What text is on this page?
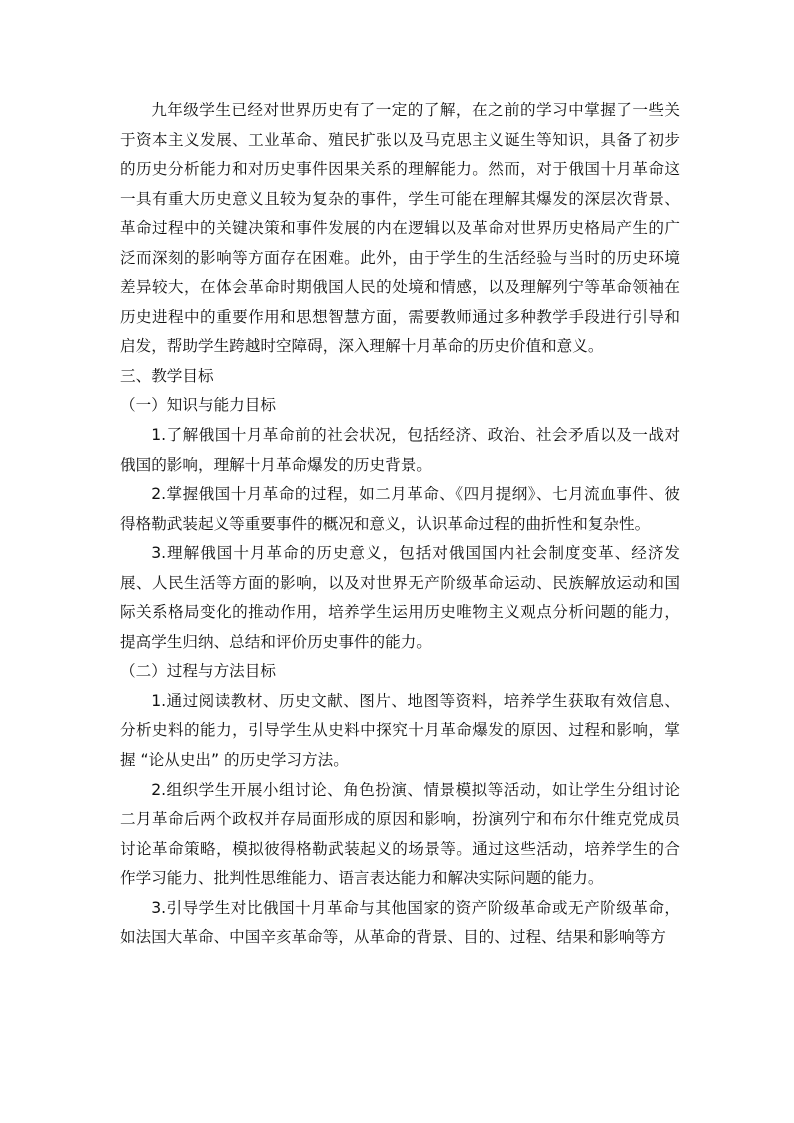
九年级学生已经对世界历史有了一定的了解，在之前的学习中掌握了一些关于资本主义发展、工业革命、殖民扩张以及马克思主义诞生等知识，具备了初步的历史分析能力和对历史事件因果关系的理解能力。然而，对于俄国十月革命这一具有重大历史意义且较为复杂的事件，学生可能在理解其爆发的深层次背景、革命过程中的关键决策和事件发展的内在逻辑以及革命对世界历史格局产生的广泛而深刻的影响等方面存在困难。此外，由于学生的生活经验与当时的历史环境差异较大，在体会革命时期俄国人民的处境和情感，以及理解列宁等革命领袖在历史进程中的重要作用和思想智慧方面，需要教师通过多种教学手段进行引导和启发，帮助学生跨越时空障碍，深入理解十月革命的历史价值和意义。

三、教学目标

（一）知识与能力目标

1.了解俄国十月革命前的社会状况，包括经济、政治、社会矛盾以及一战对俄国的影响，理解十月革命爆发的历史背景。

2.掌握俄国十月革命的过程，如二月革命、《四月提纲》、七月流血事件、彼得格勒武装起义等重要事件的概况和意义，认识革命过程的曲折性和复杂性。

3.理解俄国十月革命的历史意义，包括对俄国国内社会制度变革、经济发展、人民生活等方面的影响，以及对世界无产阶级革命运动、民族解放运动和国际关系格局变化的推动作用，培养学生运用历史唯物主义观点分析问题的能力，提高学生归纳、总结和评价历史事件的能力。

（二）过程与方法目标

1.通过阅读教材、历史文献、图片、地图等资料，培养学生获取有效信息、分析史料的能力，引导学生从史料中探究十月革命爆发的原因、过程和影响，掌握 “论从史出” 的历史学习方法。

2.组织学生开展小组讨论、角色扮演、情景模拟等活动，如让学生分组讨论二月革命后两个政权并存局面形成的原因和影响，扮演列宁和布尔什维克党成员讨论革命策略，模拟彼得格勒武装起义的场景等。通过这些活动，培养学生的合作学习能力、批判性思维能力、语言表达能力和解决实际问题的能力。

3.引导学生对比俄国十月革命与其他国家的资产阶级革命或无产阶级革命，如法国大革命、中国辛亥革命等，从革命的背景、目的、过程、结果和影响等方
